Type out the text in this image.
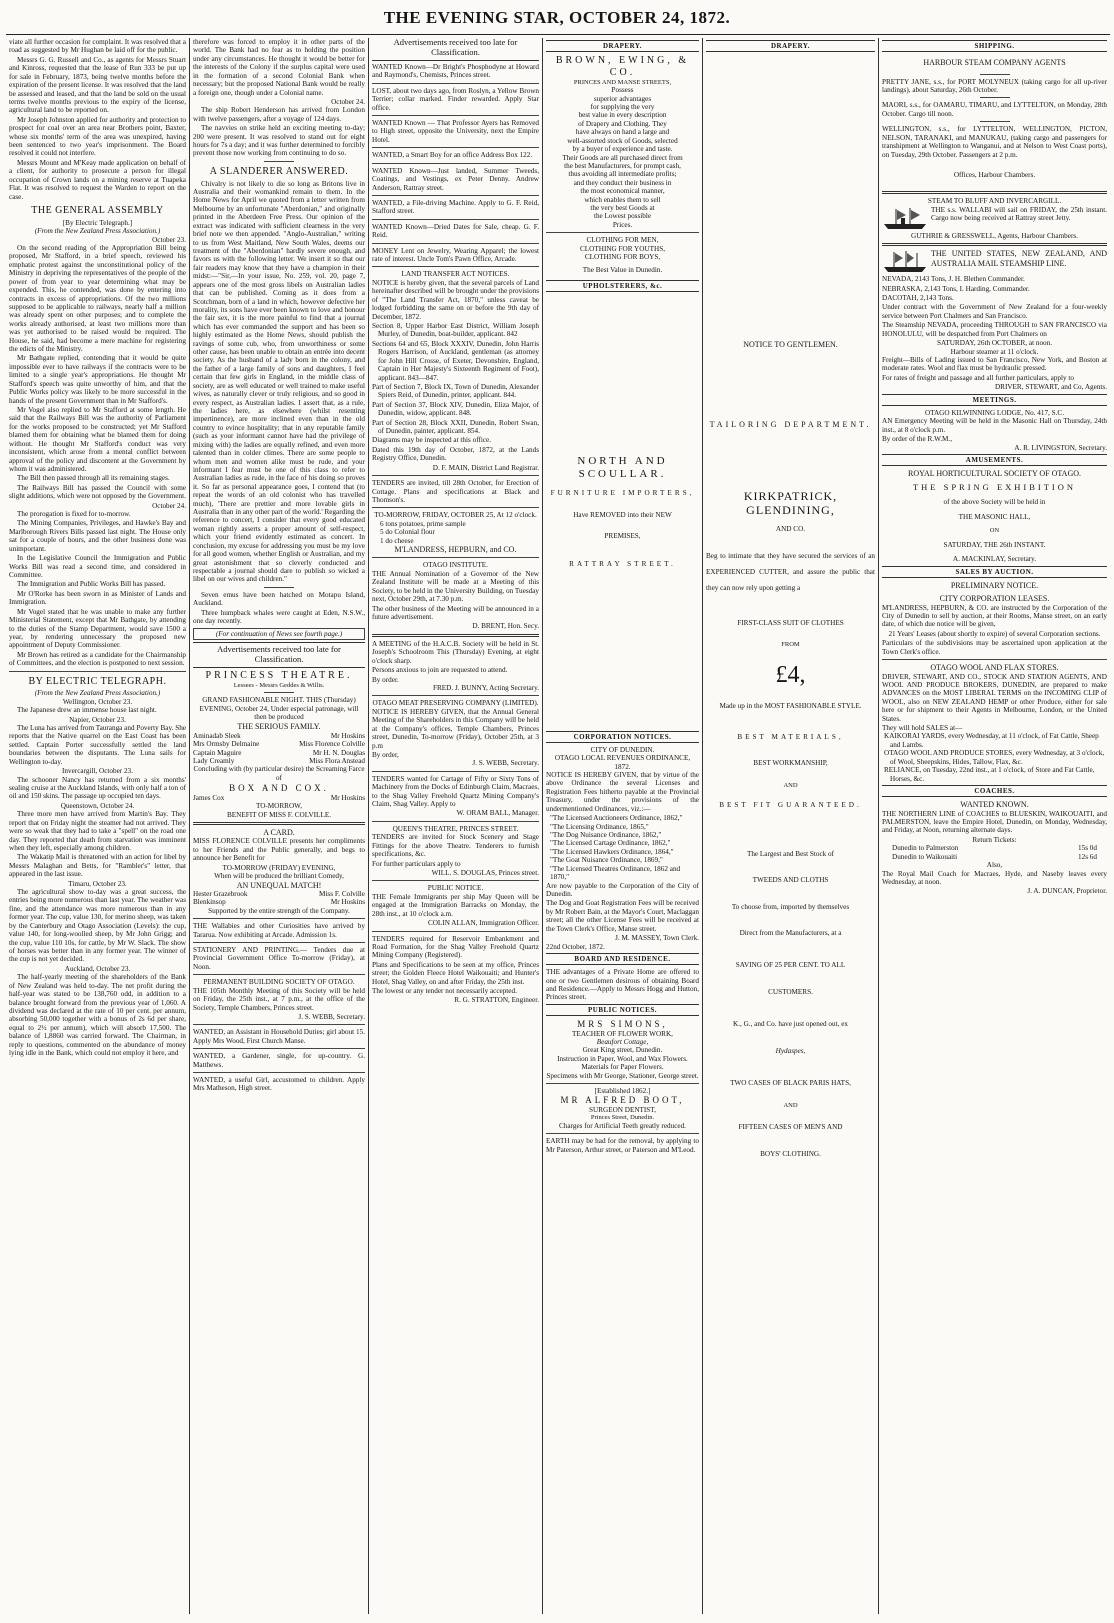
THE EVENING STAR, OCTOBER 24, 1872.

viate all further occasion for complaint. It was resolved that a road as suggested by Mr Hughan be laid off for the public.

Messrs G. G. Russell and Co., as agents for Messrs Stuart and Kinross, requested that the lease of Run 333 be put up for sale in February, 1873, being twelve months before the expiration of the present license. It was resolved that the land be assessed and leased, and that the land be sold on the usual terms twelve months previous to the expiry of the license, agricultural land to be reported on.

Mr Joseph Johnston applied for authority and protection to prospect for coal over an area near Brothers point, Baxter, whose six months' term of the area was unexpired, having been sentenced to two year's imprisonment. The Board resolved it could not interfere.

Messrs Mount and M'Keay made application on behalf of a client, for authority to prosecute a person for illegal occupation of Crown lands on a mining reserve at Tuapeka Flat. It was resolved to request the Warden to report on the case.

THE GENERAL ASSEMBLY
[By Electric Telegraph.]
(From the New Zealand Press Association.)
October 23.

On the second reading of the Appropriation Bill being proposed, Mr Stafford, in a brief speech, reviewed his emphatic protest against the unconstitutional policy of the Ministry in depriving the representatives of the people of the power of from year to year determining what may be expended. This, he contended, was done by entering into contracts in excess of appropriations. Of the two millions supposed to be applicable to railways, nearly half a million was already spent on other purposes; and to complete the works already authorised, at least two millions more than was yet authorised to be raised would be required. The House, he said, had become a mere machine for registering the edicts of the Ministry.

Mr Bathgate replied, contending that it would be quite impossible ever to have railways if the contracts were to be limited to a single year's appropriations. He thought Mr Stafford's speech was quite unworthy of him, and that the Public Works policy was likely to be more successful in the hands of the present Government than in Mr Stafford's.

Mr Vogel also replied to Mr Stafford at some length. He said that the Railways Bill was the authority of Parliament for the works proposed to be constructed; yet Mr Stafford blamed them for obtaining what he blamed them for doing without. He thought Mr Stafford's conduct was very inconsistent, which arose from a mental conflict between approval of the policy and discontent at the Government by whom it was administered.

The Bill then passed through all its remaining stages.

The Railways Bill has passed the Council with some slight additions, which were not opposed by the Government.

October 24.

The prorogation is fixed for to-morrow.

The Mining Companies, Privileges, and Hawke's Bay and Marlborough Rivers Bills passed last night. The House only sat for a couple of hours, and the other business done was unimportant.

In the Legislative Council the Immigration and Public Works Bill was read a second time, and considered in Committee.

The Immigration and Public Works Bill has passed.

Mr O'Rorke has been sworn in as Minister of Lands and Immigration.

Mr Vogel stated that he was unable to make any further Ministerial Statement, except that Mr Bathgate, by attending to the duties of the Stamp Department, would save 1500 a year, by rendering unnecessary the proposed new appointment of Deputy Commissioner.

Mr Brown has retired as a candidate for the Chairmanship of Committees, and the election is postponed to next session.

BY ELECTRIC TELEGRAPH.
(From the New Zealand Press Association.)
Wellington, October 23.

The Japanese drew an immense house last night.

Napier, October 23.

The Luna has arrived from Tauranga and Poverty Bay. She reports that the Native quarrel on the East Coast has been settled. Captain Porter successfully settled the land boundaries between the disputants. The Luna sails for Wellington to-day.

Invercargill, October 23.

The schooner Nancy has returned from a six months' sealing cruise at the Auckland Islands, with only half a ton of oil and 150 skins. The passage up occupied ten days.

Queenstown, October 24.

Three more men have arrived from Martin's Bay. They report that on Friday night the steamer had not arrived. They were so weak that they had to take a "spell" on the road one day. They reported that death from starvation was imminent when they left, especially among children.

The Wakatip Mail is threatened with an action for libel by Messrs Malaghan and Betts, for "Rambler's" letter, that appeared in the last issue.

Timaru, October 23.

The agricultural show to-day was a great success, the entries being more numerous than last year. The weather was fine, and the attendance was more numerous than in any former year. The cup, value 130, for merino sheep, was taken by the Canterbury and Otago Association (Levels): the cup, value 140, for long-woolled sheep, by Mr John Grigg; and the cup, value 110 10s, for cattle, by Mr W. Slack. The show of horses was better than in any former year. The winner of the cup is not yet decided.

Auckland, October 23.

The half-yearly meeting of the shareholders of the Bank of New Zealand was held to-day. The net profit during the half-year was stated to be 138,760 odd, in addition to a balance brought forward from the previous year of 1,060. A dividend was declared at the rate of 10 per cent. per annum, absorbing 50,000 together with a bonus of 2s 6d per share, equal to 2½ per annum), which will absorb 17,500. The balance of 1,8860 was carried forward. The Chairman, in reply to questions, commented on the abundance of money lying idle in the Bank, which could not employ it here, and

therefore was forced to employ it in other parts of the world. The Bank had no fear as to holding the position under any circumstances. He thought it would be better for the interests of the Colony if the surplus capital were used in the formation of a second Colonial Bank when necessary; but the proposed National Bank would be really a foreign one, though under a Colonial name.

October 24.

The ship Robert Henderson has arrived from London with twelve passengers, after a voyage of 124 days.

The navvies on strike held an exciting meeting to-day; 200 were present. It was resolved to stand out for eight hours for 7s a day; and it was further determined to forcibly prevent those now working from continuing to do so.

A SLANDERER ANSWERED.

Chivalry is not likely to die so long as Britons live in Australia and their womankind remain to them. In the Home News for April we quoted from a letter written from Melbourne by an unfortunate "Aberdonian," and originally printed in the Aberdeen Free Press. Our opinion of the extract was indicated with sufficient clearness in the very brief note we then appended. "Anglo-Australian," writing to us from West Maitland, New South Wales, deems our treatment of the "Aberdonian" hardly severe enough, and favors us with the following letter. We insert it so that our fair readers may know that they have a champion in their midst:—"Sir,—In your issue, No. 259, vol. 20, page 7, appears one of the most gross libels on Australian ladies that can be published. Coming as it does from a Scotchman, born of a land in which, however defective her morality, its sons have ever been known to love and honour the fair sex, it is the more painful to find that a journal which has ever commanded the support and has been so highly estimated as the Home News, should publish the ravings of some cub, who, from unworthiness or some other cause, has been unable to obtain an entrée into decent society. As the husband of a lady born in the colony, and the father of a large family of sons and daughters, I feel certain that few girls in England, in the middle class of society, are as well educated or well trained to make useful wives, as naturally clever or truly religious, and so good in every respect, as Australian ladies. I assert that, as a rule, the ladies here, as elsewhere (whilst resenting impertinence), are more inclined even than in the old country to evince hospitality; that in any reputable family (such as your informant cannot have had the privilege of mixing with) the ladies are equally refined, and even more talented than in colder climes. There are some people to whom men and women alike must be rude, and your informant I fear must be one of this class to refer to Australian ladies as rude, in the face of his doing so proves it. So far as personal appearance goes, I contend that (to repeat the words of an old colonist who has travelled much), 'There are prettier and more lovable girls in Australia than in any other part of the world.' Regarding the reference to concert, I consider that every good educated woman rightly asserts a proper amount of self-respect, which your friend evidently estimated as concert. In conclusion, my excuse for addressing you must be my love for all good women, whether English or Australian, and my great astonishment that so cleverly conducted and respectable a journal should dare to publish so wicked a libel on our wives and children."

Seven emus have been hatched on Motapu Island, Auckland.

Three humpback whales were caught at Eden, N.S.W., one day recently.

(For continuation of News see fourth page.)
Advertisements received too late for Classification.
PRINCESS THEATRE.
Lessees - Messrs Geddes & Willis.

GRAND FASHIONABLE NIGHT. THIS (Thursday) EVENING, October 24, Under especial patronage, will then be produced

THE SERIOUS FAMILY.
Aminadab Sleek	Mr Hoskins
Mrs Ormsby Delmaine	Miss Florence Colville
Captain Maguire	Mr H. N. Douglas
Lady Creamly	Miss Flora Anstead

Concluding with (by particular desire) the Screaming Farce of

BOX AND COX.
James Cox	Mr Hoskins
TO-MORROW,
BENEFIT OF MISS F. COLVILLE.
A CARD.

MISS FLORENCE COLVILLE presents her compliments to her Friends and the Public generally, and begs to announce her Benefit for

TO-MORROW (FRIDAY) EVENING,
When will be produced the brilliant Comedy,
AN UNEQUAL MATCH!
Hester Grazebrook	Miss F. Colville
Blenkinsop	Mr Hoskins
Supported by the entire strength of the Company.

THE Wallabies and other Curiosities have arrived by Tararua. Now exhibiting at Arcade. Admission 1s.

STATIONERY AND PRINTING.— Tenders due at Provincial Government Office To-morrow (Friday), at Noon.

PERMANENT BUILDING SOCIETY OF OTAGO.

THE 105th Monthly Meeting of this Society will be held on Friday, the 25th inst., at 7 p.m., at the office of the Society, Temple Chambers, Princes street.

J. S. WEBB, Secretary.

WANTED, an Assistant in Household Duties; girl about 15. Apply Mrs Wood, First Church Manse.

WANTED, a Gardener, single, for up-country. G. Matthews.

WANTED, a useful Girl, accustomed to children. Apply Mrs Matheson, High street.

Advertisements received too late for Classification.

WANTED Known—Dr Bright's Phosphodyne at Howard and Raymond's, Chemists, Princes street.

LOST, about two days ago, from Roslyn, a Yellow Brown Terrier; collar marked. Finder rewarded. Apply Star office.

WANTED Known — That Professor Ayers has Removed to High street, opposite the University, next the Empire Hotel.

WANTED, a Smart Boy for an office Address Box 122.

WANTED Known—Just landed, Summer Tweeds, Coatings, and Vestings, ex Peter Denny. Andrew Anderson, Rattray street.

WANTED, a File-driving Machine. Apply to G. F. Reid, Stafford street.

WANTED Known—Dried Dates for Sale, cheap. G. F. Reid.

MONEY Lent on Jewelry, Wearing Apparel; the lowest rate of interest. Uncle Tom's Pawn Office, Arcade.

LAND TRANSFER ACT NOTICES.

NOTICE is hereby given, that the several parcels of Land hereinafter described will be brought under the provisions of "The Land Transfer Act, 1870," unless caveat be lodged forbidding the same on or before the 9th day of December, 1872.

Section 8, Upper Harbor East District, William Joseph Murley, of Dunedin, boat-builder, applicant. 842

Sections 64 and 65, Block XXXIV, Dunedin, John Harris Rogers Harrison, of Auckland, gentleman (as attorney for John Hill Crosse, of Exeter, Devonshire, England, Captain in Her Majesty's Sixteenth Regiment of Foot), applicant. 843—847.

Part of Section 7, Block IX, Town of Dunedin, Alexander Spiers Reid, of Dunedin, printer, applicant. 844.

Part of Section 37, Block XIV, Dunedin, Eliza Major, of Dunedin, widow, applicant. 848.

Part of Section 28, Block XXII, Dunedin, Robert Swan, of Dunedin, painter, applicant. 854.

Diagrams may be inspected at this office.

Dated this 19th day of October, 1872, at the Lands Registry Office, Dunedin.

D. F. MAIN, District Land Registrar.

TENDERS are invited, till 28th October, for Erection of Cottage. Plans and specifications at Black and Thomson's.

TO-MORROW, FRIDAY, OCTOBER 25, At 12 o'clock.
6 tons potatoes, prime sample
5 do Colonial flour
1 do cheese
M'LANDRESS, HEPBURN, and CO.
OTAGO INSTITUTE.

THE Annual Nomination of a Governor of the New Zealand Institute will be made at a Meeting of this Society, to be held in the University Building, on Tuesday next, October 29th, at 7.30 p.m.

The other business of the Meeting will be announced in a future advertisement.

D. BRENT, Hon. Secy.

A MEETING of the H.A.C.B. Society will be held in St. Joseph's Schoolroom This (Thursday) Evening, at eight o'clock sharp.

Persons anxious to join are requested to attend.

By order.
FRED. J. BUNNY, Acting Secretary.
OTAGO MEAT PRESERVING COMPANY (LIMITED).

NOTICE IS HEREBY GIVEN, that the Annual General Meeting of the Shareholders in this Company will be held at the Company's offices, Temple Chambers, Princes street, Dunedin, To-morrow (Friday), October 25th, at 3 p.m

By order,
J. S. WEBB, Secretary.

TENDERS wanted for Cartage of Fifty or Sixty Tons of Machinery from the Docks of Edinburgh Claim, Macraes, to the Shag Valley Freehold Quartz Mining Company's Claim, Shag Valley. Apply to

W. ORAM BALL, Manager.
QUEEN'S THEATRE, PRINCES STREET.

TENDERS are invited for Stock Scenery and Stage Fittings for the above Theatre. Tenderers to furnish specifications, &c.

For further particulars apply to

WILL. S. DOUGLAS, Princes street.
PUBLIC NOTICE.

THE Female Immigrants per ship May Queen will be engaged at the Immigration Barracks on Monday, the 28th inst., at 10 o'clock a.m.

COLIN ALLAN, Immigration Officer.

TENDERS required for Reservoir Embankment and Road Formation, for the Shag Valley Freehold Quartz Mining Company (Registered).

Plans and Specifications to be seen at my office, Princes street; the Golden Fleece Hotel Waikouaiti; and Hunter's Hotel, Shag Valley, on and after Friday, the 25th inst.

The lowest or any tender not necessarily accepted.

R. G. STRATTON, Engineer.
DRAPERY.
BROWN, EWING, & CO.
PRINCES AND MANSE STREETS,
Possess
superior advantages
for supplying the very
best value in every description
of Drapery and Clothing. They
have always on hand a large and
well-assorted stock of Goods, selected
by a buyer of experience and taste.
Their Goods are all purchased direct from
the best Manufacturers, for prompt cash,
thus avoiding all intermediate profits;
and they conduct their business in
the most economical manner,
which enables them to sell
the very best Goods at
the Lowest possible
Prices.
CLOTHING FOR MEN,
CLOTHING FOR YOUTHS,
CLOTHING FOR BOYS,
The Best Value in Dunedin.
UPHOLSTERERS, &c.
NORTH AND SCOULLAR.
FURNITURE IMPORTERS,
Have REMOVED into their NEW
PREMISES,
RATTRAY STREET.
CORPORATION NOTICES.
CITY OF DUNEDIN.
OTAGO LOCAL REVENUES ORDINANCE, 1872.

NOTICE IS HEREBY GIVEN, that by virtue of the above Ordinance the several Licenses and Registration Fees hitherto payable at the Provincial Treasury, under the provisions of the undermentioned Ordinances, viz.:—

"The Licensed Auctioneers Ordinance, 1862,"
"The Licensing Ordinance, 1865,"
"The Dog Nuisance Ordinance, 1862,"
"The Licensed Cartage Ordinance, 1862,"
"The Licensed Hawkers Ordinance, 1864,"
"The Goat Nuisance Ordinance, 1869,"
"The Licensed Theatres Ordinance, 1862 and 1870,"

Are now payable to the Corporation of the City of Dunedin.

The Dog and Goat Registration Fees will be received by Mr Robert Bain, at the Mayor's Court, Maclaggan street; all the other License Fees will be received at the Town Clerk's Office, Manse street.

J. M. MASSEY, Town Clerk.
22nd October, 1872.
BOARD AND RESIDENCE.

THE advantages of a Private Home are offered to one or two Gentlemen desirous of obtaining Board and Residence.—Apply to Messrs Hogg and Hutton, Princes street.

PUBLIC NOTICES.
MRS SIMONS,
TEACHER OF FLOWER WORK,
Beaufort Cottage,
Great King street, Dunedin.
Instruction in Paper, Wool, and Wax Flowers.
Materials for Paper Flowers.
Specimens with Mr George, Stationer, George street.
[Established 1862.]
MR ALFRED BOOT,
SURGEON DENTIST,
Princes Street, Dunedin.
Charges for Artificial Teeth greatly reduced.

EARTH may be had for the removal, by applying to Mr Paterson, Arthur street, or Paterson and M'Leod.

DRAPERY.
NOTICE TO GENTLEMEN.
TAILORING DEPARTMENT.
KIRKPATRICK, GLENDINING,
AND CO.

Beg to intimate that they have secured the services of an EXPERIENCED CUTTER, and assure the public that they can now rely upon getting a

FIRST-CLASS SUIT OF CLOTHES
FROM
£4,
Made up in the MOST FASHIONABLE STYLE.
BEST MATERIALS,
BEST WORKMANSHIP,
AND
BEST FIT GUARANTEED.
The Largest and Best Stock of
TWEEDS AND CLOTHS
To choose from, imported by themselves
Direct from the Manufacturers, at a
SAVING OF 25 PER CENT. TO ALL
CUSTOMERS.
K., G., and Co. have just opened out, ex
Hydaspes,
TWO CASES OF BLACK PARIS HATS,
AND
FIFTEEN CASES OF MEN'S AND
BOYS' CLOTHING.
SHIPPING.
HARBOUR STEAM COMPANY AGENTS

PRETTY JANE, s.s., for PORT MOLYNEUX (taking cargo for all up-river landings), about Saturday, 26th October.

MAORI, s.s., for OAMARU, TIMARU, and LYTTELTON, on Monday, 28th October. Cargo till noon.

WELLINGTON, s.s., for LYTTELTON, WELLINGTON, PICTON, NELSON, TARANAKI, and MANUKAU, (taking cargo and passengers for transhipment at Wellington to Wanganui, and at Nelson to West Coast ports), on Tuesday, 29th October. Passengers at 2 p.m.

Offices, Harbour Chambers.
STEAM TO BLUFF AND INVERCARGILL.

THE s.s. WALLABI will sail on FRIDAY, the 25th instant. Cargo now being received at Rattray street Jetty.

GUTHRIE & GRESSWELL, Agents, Harbour Chambers.

THE UNITED STATES, NEW ZEALAND, AND AUSTRALIA MAIL STEAMSHIP LINE.

NEVADA, 2143 Tons, J. H. Blethen Commander.

NEBRASKA, 2,143 Tons, I. Harding, Commander.

DACOTAH, 2,143 Tons.

Under contract with the Government of New Zealand for a four-weekly service between Port Chalmers and San Francisco.

The Steamship NEVADA, proceeding THROUGH to SAN FRANCISCO via HONOLULU, will be despatched from Port Chalmers on

SATURDAY, 26th OCTOBER, at noon.
Harbour steamer at 11 o'clock.

Freight—Bills of Lading issued to San Francisco, New York, and Boston at moderate rates. Wool and flax must be hydraulic pressed.

For rates of freight and passage and all further particulars, apply to

DRIVER, STEWART, and Co, Agents.
MEETINGS.
OTAGO KILWINNING LODGE, No. 417, S.C.

AN Emergency Meeting will be held in the Masonic Hall on Thursday, 24th inst., at 8 o'clock p.m.

By order of the R.W.M.,
A. R. LIVINGSTON, Secretary.
AMUSEMENTS.
ROYAL HORTICULTURAL SOCIETY OF OTAGO.
THE SPRING EXHIBITION
of the above Society will be held in
THE MASONIC HALL,
ON
SATURDAY, THE 26th INSTANT.
A. MACKINLAY, Secretary.
SALES BY AUCTION.
PRELIMINARY NOTICE.
CITY CORPORATION LEASES.

M'LANDRESS, HEPBURN, & CO. are instructed by the Corporation of the City of Dunedin to sell by auction, at their Rooms, Manse street, on an early date, of which due notice will be given,

21 Years' Leases (about shortly to expire) of several Corporation sections.

Particulars of the subdivisions may be ascertained upon application at the Town Clerk's office.

OTAGO WOOL AND FLAX STORES.

DRIVER, STEWART, AND CO., STOCK AND STATION AGENTS, AND WOOL AND PRODUCE BROKERS, DUNEDIN, are prepared to make ADVANCES on the MOST LIBERAL TERMS on the INCOMING CLIP of WOOL, also on NEW ZEALAND HEMP or other Produce, either for sale here or for shipment to their Agents in Melbourne, London, or the United States.

They will hold SALES at—
KAIKORAI YARDS, every Wednesday, at 11 o'clock, of Fat Cattle, Sheep and Lambs.
OTAGO WOOL AND PRODUCE STORES, every Wednesday, at 3 o'clock, of Wool, Sheepskins, Hides, Tallow, Flax, &c.
RELIANCE, on Tuesday, 22nd inst., at 1 o'clock, of Store and Fat Cattle, Horses, &c.
COACHES.
WANTED KNOWN.

THE NORTHERN LINE of COACHES to BLUESKIN, WAIKOUAITI, and PALMERSTON, leave the Empire Hotel, Dunedin, on Monday, Wednesday, and Friday, at Noon, returning alternate days.

Return Tickets:
Dunedin to Palmerston	15s 0d
Dunedin to Waikouaiti	12s 6d
Also,

The Royal Mail Coach for Macraes, Hyde, and Naseby leaves every Wednesday, at noon.

J. A. DUNCAN, Proprietor.
